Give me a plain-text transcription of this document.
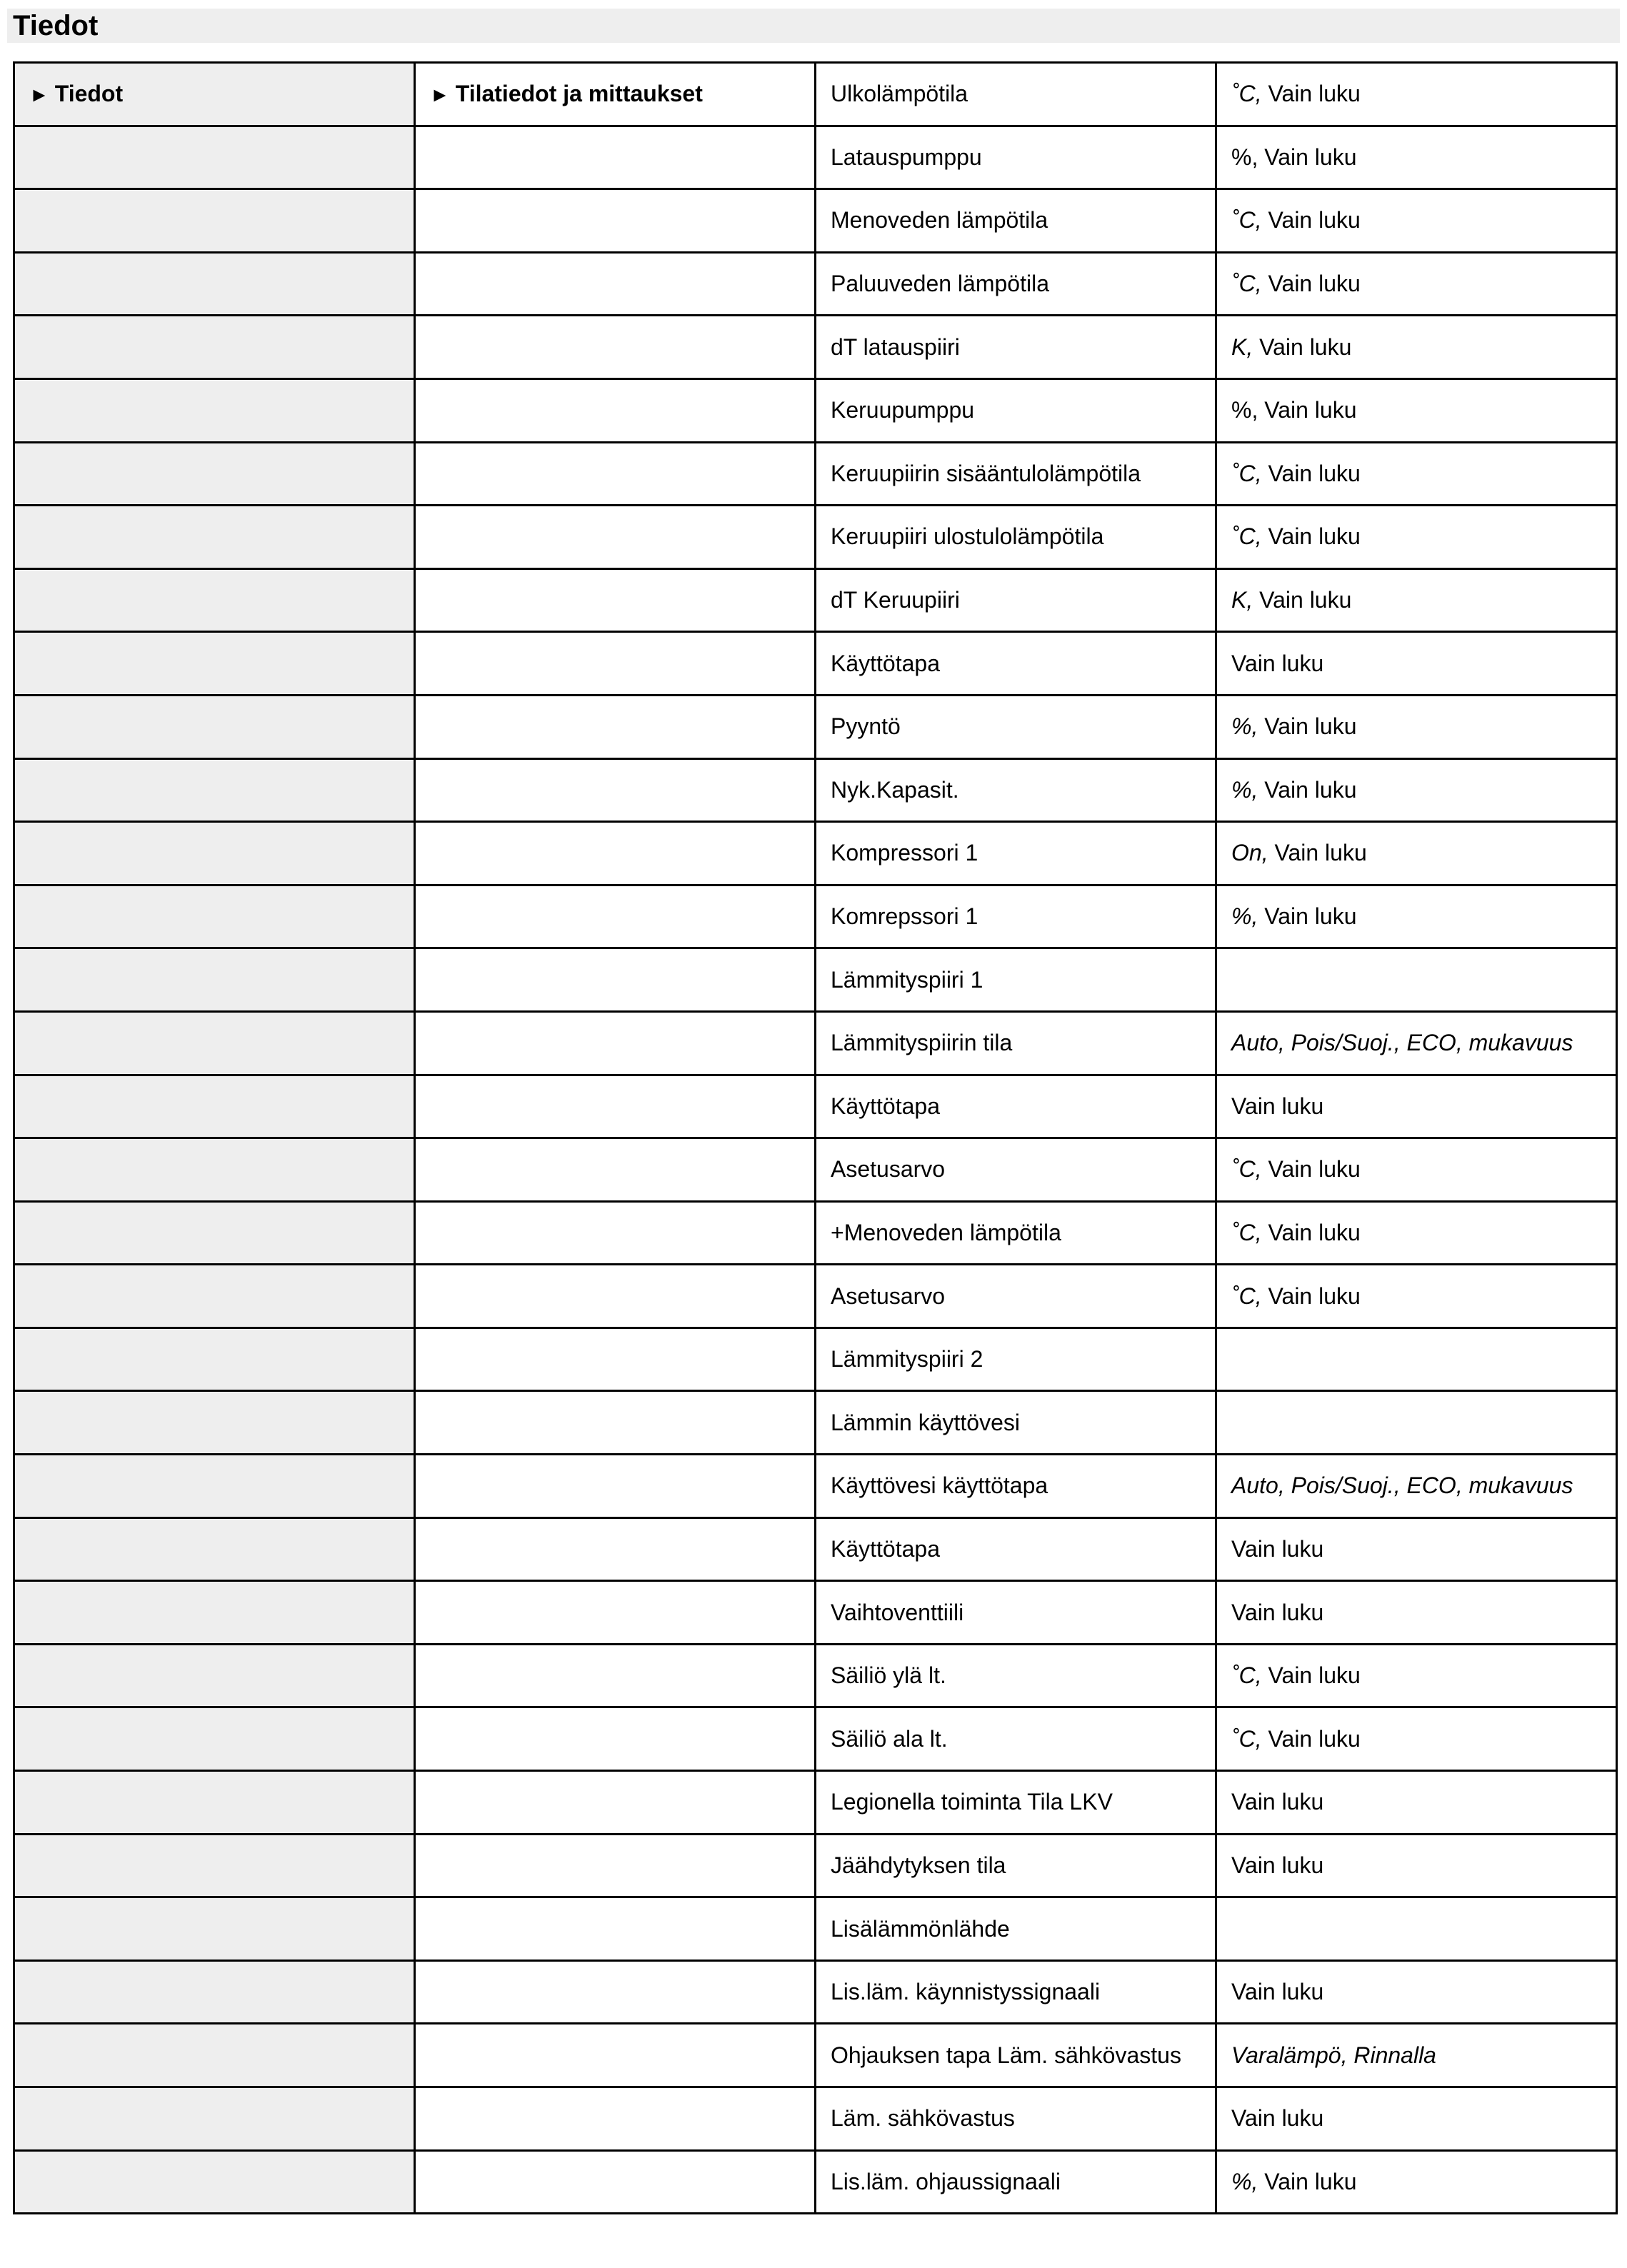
Tiedot
► Tiedot	► Tilatiedot ja mittaukset	Ulkolämpötila	˚C, Vain luku
		Latauspumppu	%, Vain luku
		Menoveden lämpötila	˚C, Vain luku
		Paluuveden lämpötila	˚C, Vain luku
		dT latauspiiri	K, Vain luku
		Keruupumppu	%, Vain luku
		Keruupiirin sisääntulolämpötila	˚C, Vain luku
		Keruupiiri ulostulolämpötila	˚C, Vain luku
		dT Keruupiiri	K, Vain luku
		Käyttötapa	Vain luku
		Pyyntö	%, Vain luku
		Nyk.Kapasit.	%, Vain luku
		Kompressori 1	On, Vain luku
		Komrepssori 1	%, Vain luku
		Lämmityspiiri 1	
		Lämmityspiirin tila	Auto, Pois/Suoj., ECO, mukavuus
		Käyttötapa	Vain luku
		Asetusarvo	˚C, Vain luku
		+Menoveden lämpötila	˚C, Vain luku
		Asetusarvo	˚C, Vain luku
		Lämmityspiiri 2	
		Lämmin käyttövesi	
		Käyttövesi käyttötapa	Auto, Pois/Suoj., ECO, mukavuus
		Käyttötapa	Vain luku
		Vaihtoventtiili	Vain luku
		Säiliö ylä lt.	˚C, Vain luku
		Säiliö ala lt.	˚C, Vain luku
		Legionella toiminta Tila LKV	Vain luku
		Jäähdytyksen tila	Vain luku
		Lisälämmönlähde	
		Lis.läm. käynnistyssignaali	Vain luku
		Ohjauksen tapa Läm. sähkövastus	Varalämpö, Rinnalla
		Läm. sähkövastus	Vain luku
		Lis.läm. ohjaussignaali	%, Vain luku
